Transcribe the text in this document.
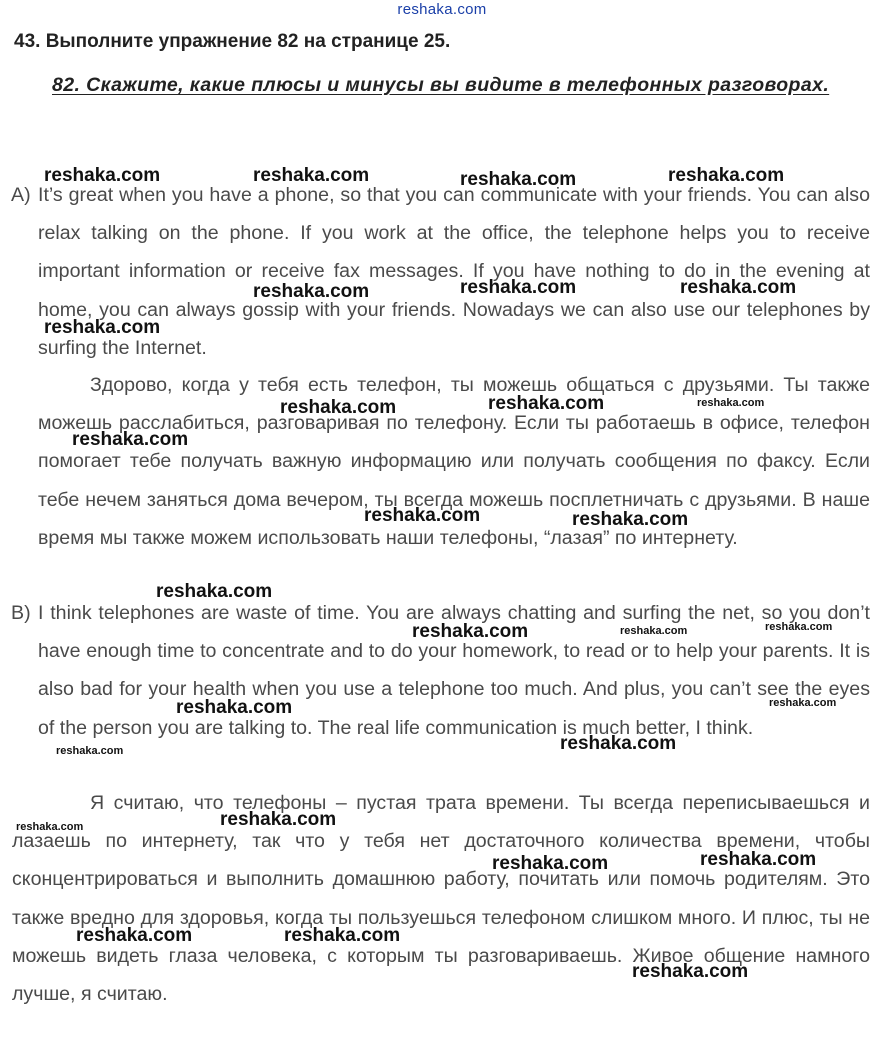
reshaka.com
43. Выполните упражнение 82 на странице 25.
82. Скажите, какие плюсы и минусы вы видите в телефонных разговорах.
A) It’s great when you have a phone, so that you can communicate with your friends. You can also relax talking on the phone. If you work at the office, the telephone helps you to receive important information or receive fax messages. If you have nothing to do in the evening at home, you can always gossip with your friends. Nowadays we can also use our telephones by surfing the Internet.
Здорово, когда у тебя есть телефон, ты можешь общаться с друзьями. Ты также можешь расслабиться, разговаривая по телефону. Если ты работаешь в офисе, телефон помогает тебе получать важную информацию или получать сообщения по факсу. Если тебе нечем заняться дома вечером, ты всегда можешь посплетничать с друзьями. В наше время мы также можем использовать наши телефоны, “лазая” по интернету.
B) I think telephones are waste of time. You are always chatting and surfing the net, so you don’t have enough time to concentrate and to do your homework, to read or to help your parents. It is also bad for your health when you use a telephone too much. And plus, you can’t see the eyes of the person you are talking to. The real life communication is much better, I think.
Я считаю, что телефоны – пустая трата времени. Ты всегда переписываешься и лазаешь по интернету, так что у тебя нет достаточного количества времени, чтобы сконцентрироваться и выполнить домашнюю работу, почитать или помочь родителям. Это также вредно для здоровья, когда ты пользуешься телефоном слишком много. И плюс, ты не можешь видеть глаза человека, с которым ты разговариваешь. Живое общение намного лучше, я считаю.
reshaka.com	reshaka.com	reshaka.com	reshaka.com
reshaka.com	reshaka.com	reshaka.com
reshaka.com
reshaka.com	reshaka.com	reshaka.com
reshaka.com
reshaka.com	reshaka.com
reshaka.com
reshaka.com	reshaka.com	reshaka.com
reshaka.com	reshaka.com
reshaka.com
reshaka.com
reshaka.com	reshaka.com
reshaka.com	reshaka.com
reshaka.com	reshaka.com
reshaka.com
